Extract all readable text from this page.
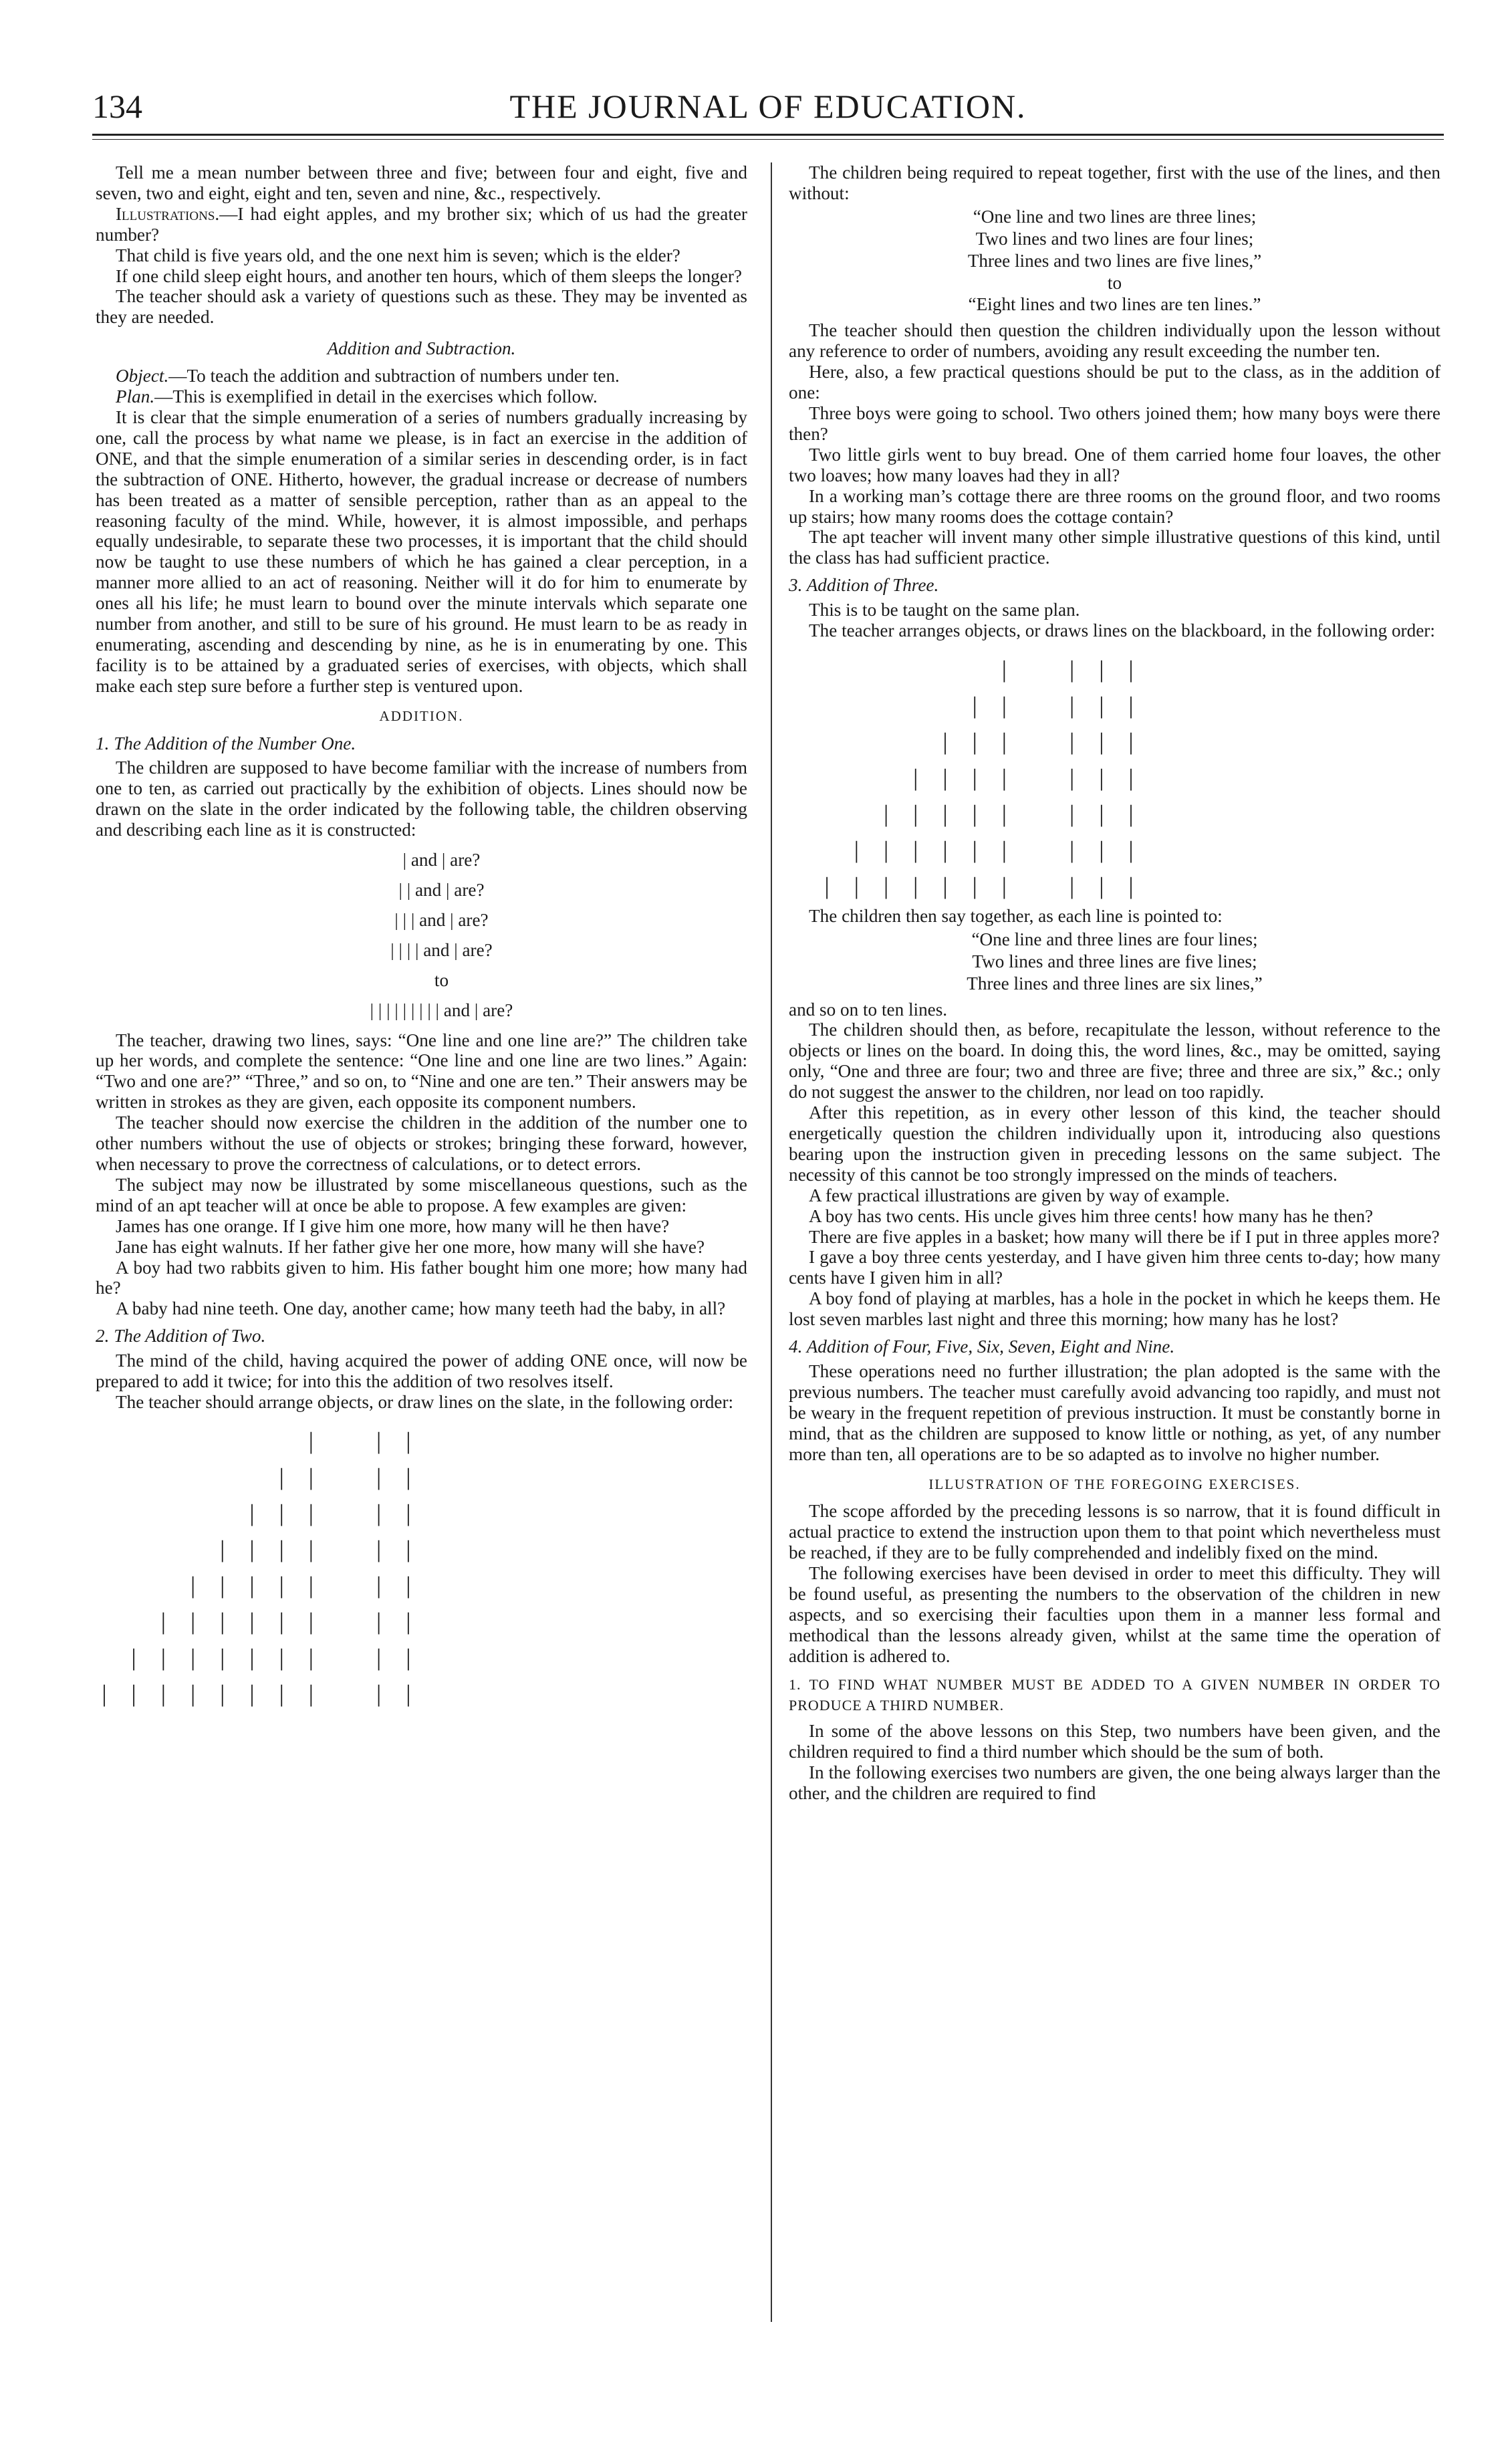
134	THE JOURNAL OF EDUCATION.

Tell me a mean number between three and five; between four and eight, five and seven, two and eight, eight and ten, seven and nine, &c., respectively.

Illustrations.—I had eight apples, and my brother six; which of us had the greater number?

That child is five years old, and the one next him is seven; which is the elder?

If one child sleep eight hours, and another ten hours, which of them sleeps the longer?

The teacher should ask a variety of questions such as these. They may be invented as they are needed.

Addition and Subtraction.

Object.—To teach the addition and subtraction of numbers under ten.

Plan.—This is exemplified in detail in the exercises which follow.

It is clear that the simple enumeration of a series of numbers gradually increasing by one, call the process by what name we please, is in fact an exercise in the addition of ONE, and that the simple enumeration of a similar series in descending order, is in fact the subtraction of ONE. Hitherto, however, the gradual increase or decrease of numbers has been treated as a matter of sensible perception, rather than as an appeal to the reasoning faculty of the mind. While, however, it is almost impossible, and perhaps equally undesirable, to separate these two processes, it is important that the child should now be taught to use these numbers of which he has gained a clear perception, in a manner more allied to an act of reasoning. Neither will it do for him to enumerate by ones all his life; he must learn to bound over the minute intervals which separate one number from another, and still to be sure of his ground. He must learn to be as ready in enumerating, ascending and descending by nine, as he is in enumerating by one. This facility is to be attained by a graduated series of exercises, with objects, which shall make each step sure before a further step is ventured upon.

ADDITION.

1. The Addition of the Number One.

The children are supposed to have become familiar with the increase of numbers from one to ten, as carried out practically by the exhibition of objects. Lines should now be drawn on the slate in the order indicated by the following table, the children observing and describing each line as it is constructed:

| and | are?
| | and | are?
| | | and | are?
| | | | and | are?
to
| | | | | | | | | and | are?

The teacher, drawing two lines, says: “One line and one line are?” The children take up her words, and complete the sentence: “One line and one line are two lines.” Again: “Two and one are?” “Three,” and so on, to “Nine and one are ten.” Their answers may be written in strokes as they are given, each opposite its component numbers.

The teacher should now exercise the children in the addition of the number one to other numbers without the use of objects or strokes; bringing these forward, however, when necessary to prove the correctness of calculations, or to detect errors.

The subject may now be illustrated by some miscellaneous questions, such as the mind of an apt teacher will at once be able to propose. A few examples are given:

James has one orange. If I give him one more, how many will he then have?

Jane has eight walnuts. If her father give her one more, how many will she have?

A boy had two rabbits given to him. His father bought him one more; how many had he?

A baby had nine teeth. One day, another came; how many teeth had the baby, in all?

2. The Addition of Two.

The mind of the child, having acquired the power of adding ONE once, will now be prepared to add it twice; for into this the addition of two resolves itself.

The teacher should arrange objects, or draw lines on the slate, in the following order:

| | |
| | | |
| | | | |
| | | | | |
| | | | | | |
| | | | | | | |
| | | | | | | | |
| | | | | | | | | |

The children being required to repeat together, first with the use of the lines, and then without:

“One line and two lines are three lines;
Two lines and two lines are four lines;
Three lines and two lines are five lines,”
to
“Eight lines and two lines are ten lines.”

The teacher should then question the children individually upon the lesson without any reference to order of numbers, avoiding any result exceeding the number ten.

Here, also, a few practical questions should be put to the class, as in the addition of one:

Three boys were going to school. Two others joined them; how many boys were there then?

Two little girls went to buy bread. One of them carried home four loaves, the other two loaves; how many loaves had they in all?

In a working man’s cottage there are three rooms on the ground floor, and two rooms up stairs; how many rooms does the cottage contain?

The apt teacher will invent many other simple illustrative questions of this kind, until the class has had sufficient practice.

3. Addition of Three.

This is to be taught on the same plan.

The teacher arranges objects, or draws lines on the blackboard, in the following order:

| | | |
| | | | |
| | | | | |
| | | | | | |
| | | | | | | |
| | | | | | | | |
| | | | | | | | | |

The children then say together, as each line is pointed to:

“One line and three lines are four lines;
Two lines and three lines are five lines;
Three lines and three lines are six lines,”

and so on to ten lines.

The children should then, as before, recapitulate the lesson, without reference to the objects or lines on the board. In doing this, the word lines, &c., may be omitted, saying only, “One and three are four; two and three are five; three and three are six,” &c.; only do not suggest the answer to the children, nor lead on too rapidly.

After this repetition, as in every other lesson of this kind, the teacher should energetically question the children individually upon it, introducing also questions bearing upon the instruction given in preceding lessons on the same subject. The necessity of this cannot be too strongly impressed on the minds of teachers.

A few practical illustrations are given by way of example.

A boy has two cents. His uncle gives him three cents! how many has he then?

There are five apples in a basket; how many will there be if I put in three apples more?

I gave a boy three cents yesterday, and I have given him three cents to-day; how many cents have I given him in all?

A boy fond of playing at marbles, has a hole in the pocket in which he keeps them. He lost seven marbles last night and three this morning; how many has he lost?

4. Addition of Four, Five, Six, Seven, Eight and Nine.

These operations need no further illustration; the plan adopted is the same with the previous numbers. The teacher must carefully avoid advancing too rapidly, and must not be weary in the frequent repetition of previous instruction. It must be constantly borne in mind, that as the children are supposed to know little or nothing, as yet, of any number more than ten, all operations are to be so adapted as to involve no higher number.

ILLUSTRATION OF THE FOREGOING EXERCISES.

The scope afforded by the preceding lessons is so narrow, that it is found difficult in actual practice to extend the instruction upon them to that point which nevertheless must be reached, if they are to be fully comprehended and indelibly fixed on the mind.

The following exercises have been devised in order to meet this difficulty. They will be found useful, as presenting the numbers to the observation of the children in new aspects, and so exercising their faculties upon them in a manner less formal and methodical than the lessons already given, whilst at the same time the operation of addition is adhered to.

1. TO FIND WHAT NUMBER MUST BE ADDED TO A GIVEN NUMBER IN ORDER TO PRODUCE A THIRD NUMBER.

In some of the above lessons on this Step, two numbers have been given, and the children required to find a third number which should be the sum of both.

In the following exercises two numbers are given, the one being always larger than the other, and the children are required to find
